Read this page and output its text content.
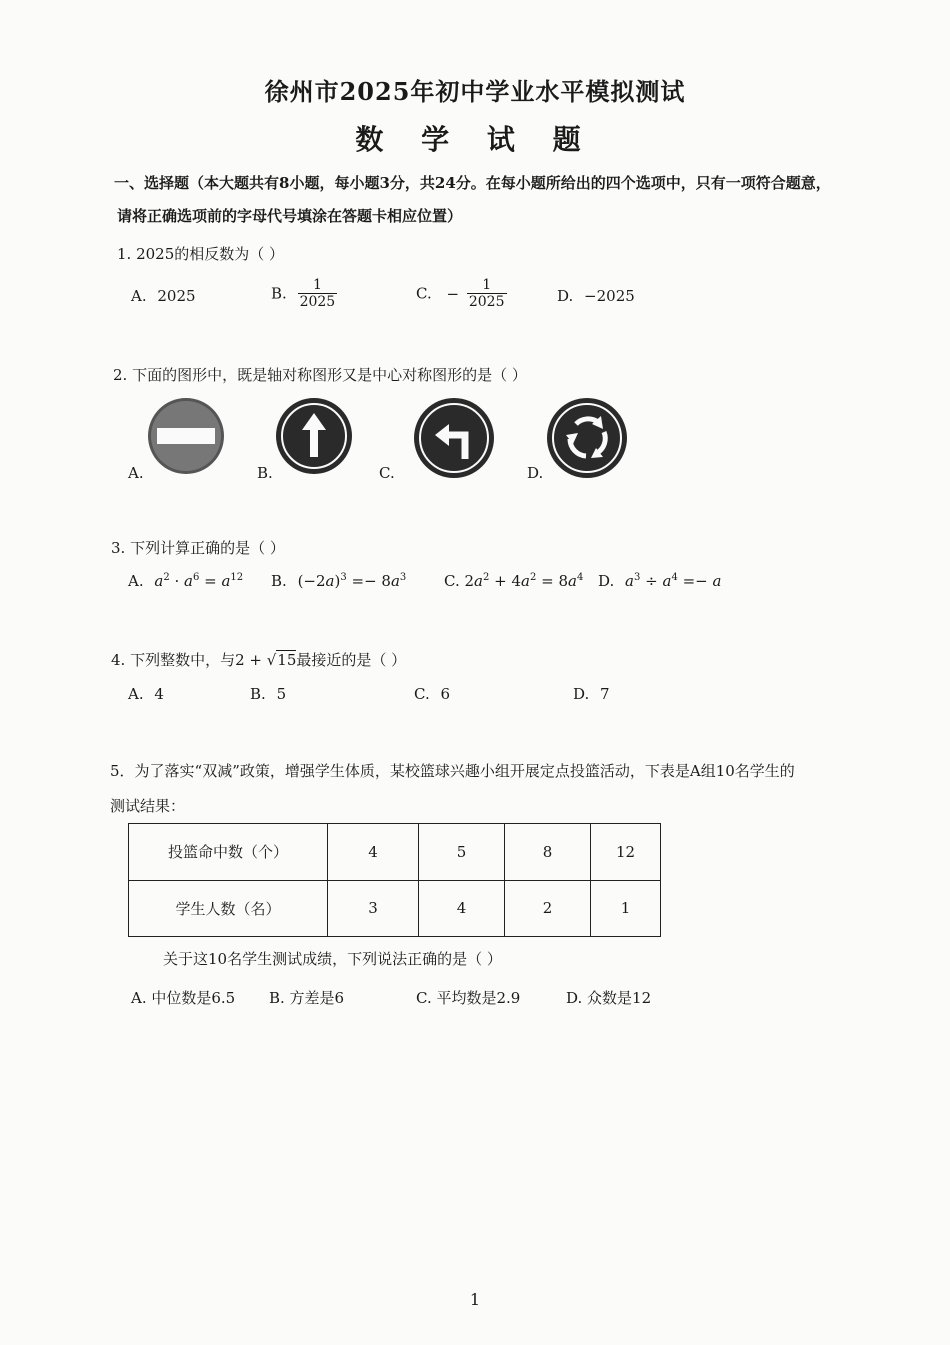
徐州市2025年初中学业水平模拟测试
数 学 试 题
一、选择题（本大题共有8小题，每小题3分，共24分。在每小题所给出的四个选项中，只有一项符合题意，
请将正确选项前的字母代号填涂在答题卡相应位置）
1. 2025的相反数为（ ）
A. 2025	B. $\frac{1}{2025}$	C. − $\frac{1}{2025}$	D. −2025
2. 下面的图形中，既是轴对称图形又是中心对称图形的是（ ）
A.	B.	C.	D.
3. 下列计算正确的是（ ）
A. $a^2 \cdot a^6 = a^{12}$ B. $(-2a)^3 =- 8a^3$	C. $2a^2 + 4a^2 = 8a^4$ D. $a^3 \div a^4 =- a$
4. 下列整数中，与2 + √15最接近的是（ ）
A. 4	B. 5	C. 6	D. 7
5．为了落实“双减”政策，增强学生体质，某校篮球兴趣小组开展定点投篮活动，下表是A组10名学生的
测试结果：
投篮命中数（个）	4	5	8	12
学生人数（名）	3	4	2	1
关于这10名学生测试成绩，下列说法正确的是（ ）
A. 中位数是6.5 B. 方差是6	C. 平均数是2.9	D. 众数是12
1
